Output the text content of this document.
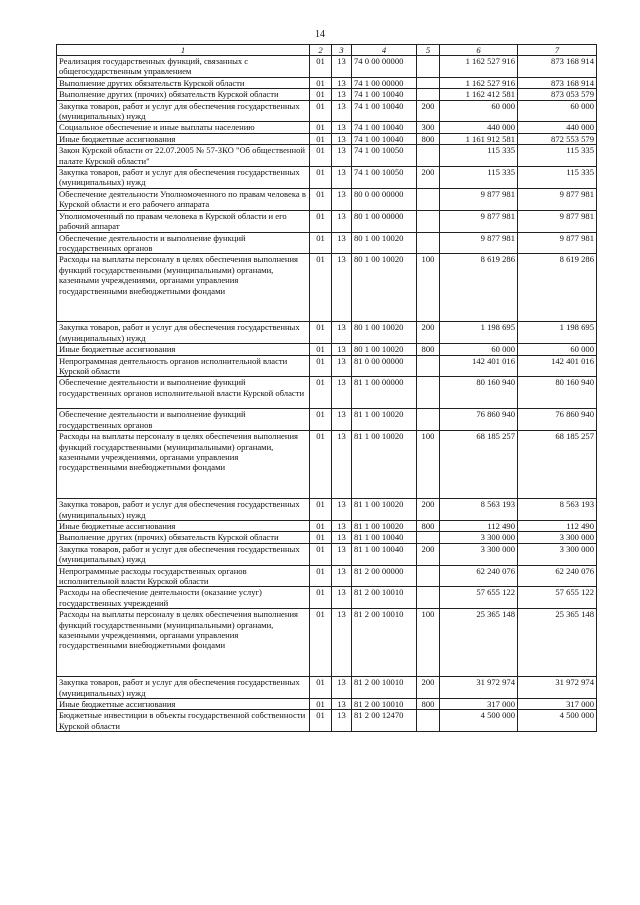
14
1	2	3	4	5	6	7
Реализация государственных функций, связанных с общегосударственным управлением	01	13	74 0 00 00000		1 162 527 916	873 168 914
Выполнение других обязательств Курской области	01	13	74 1 00 00000		1 162 527 916	873 168 914
Выполнение других (прочих) обязательств Курской области	01	13	74 1 00 10040		1 162 412 581	873 053 579
Закупка товаров, работ и услуг для обеспечения государственных (муниципальных) нужд	01	13	74 1 00 10040	200	60 000	60 000
Социальное обеспечение и иные выплаты населению	01	13	74 1 00 10040	300	440 000	440 000
Иные бюджетные ассигнования	01	13	74 1 00 10040	800	1 161 912 581	872 553 579
Закон Курской области от 22.07.2005 № 57-ЗКО "Об общественной палате Курской области"	01	13	74 1 00 10050		115 335	115 335
Закупка товаров, работ и услуг для обеспечения государственных (муниципальных) нужд	01	13	74 1 00 10050	200	115 335	115 335
Обеспечение деятельности Уполномоченного по правам человека в Курской области и его рабочего аппарата	01	13	80 0 00 00000		9 877 981	9 877 981
Уполномоченный по правам человека в Курской области и его рабочий аппарат	01	13	80 1 00 00000		9 877 981	9 877 981
Обеспечение деятельности и выполнение функций государственных органов	01	13	80 1 00 10020		9 877 981	9 877 981
Расходы на выплаты персоналу в целях обеспечения выполнения функций государственными (муниципальными) органами, казенными учреждениями, органами управления государственными внебюджетными фондами	01	13	80 1 00 10020	100	8 619 286	8 619 286
Закупка товаров, работ и услуг для обеспечения государственных (муниципальных) нужд	01	13	80 1 00 10020	200	1 198 695	1 198 695
Иные бюджетные ассигнования	01	13	80 1 00 10020	800	60 000	60 000
Непрограммная деятельность органов исполнительной власти Курской области	01	13	81 0 00 00000		142 401 016	142 401 016
Обеспечение деятельности и выполнение функций государственных органов исполнительной власти Курской области	01	13	81 1 00 00000		80 160 940	80 160 940
Обеспечение деятельности и выполнение функций государственных органов	01	13	81 1 00 10020		76 860 940	76 860 940
Расходы на выплаты персоналу в целях обеспечения выполнения функций государственными (муниципальными) органами, казенными учреждениями, органами управления государственными внебюджетными фондами	01	13	81 1 00 10020	100	68 185 257	68 185 257
Закупка товаров, работ и услуг для обеспечения государственных (муниципальных) нужд	01	13	81 1 00 10020	200	8 563 193	8 563 193
Иные бюджетные ассигнования	01	13	81 1 00 10020	800	112 490	112 490
Выполнение других (прочих) обязательств Курской области	01	13	81 1 00 10040		3 300 000	3 300 000
Закупка товаров, работ и услуг для обеспечения государственных (муниципальных) нужд	01	13	81 1 00 10040	200	3 300 000	3 300 000
Непрограммные расходы государственных органов исполнительной власти Курской области	01	13	81 2 00 00000		62 240 076	62 240 076
Расходы на обеспечение деятельности (оказание услуг) государственных учреждений	01	13	81 2 00 10010		57 655 122	57 655 122
Расходы на выплаты персоналу в целях обеспечения выполнения функций государственными (муниципальными) органами, казенными учреждениями, органами управления государственными внебюджетными фондами	01	13	81 2 00 10010	100	25 365 148	25 365 148
Закупка товаров, работ и услуг для обеспечения государственных (муниципальных) нужд	01	13	81 2 00 10010	200	31 972 974	31 972 974
Иные бюджетные ассигнования	01	13	81 2 00 10010	800	317 000	317 000
Бюджетные инвестиции в объекты государственной собственности Курской области	01	13	81 2 00 12470		4 500 000	4 500 000
